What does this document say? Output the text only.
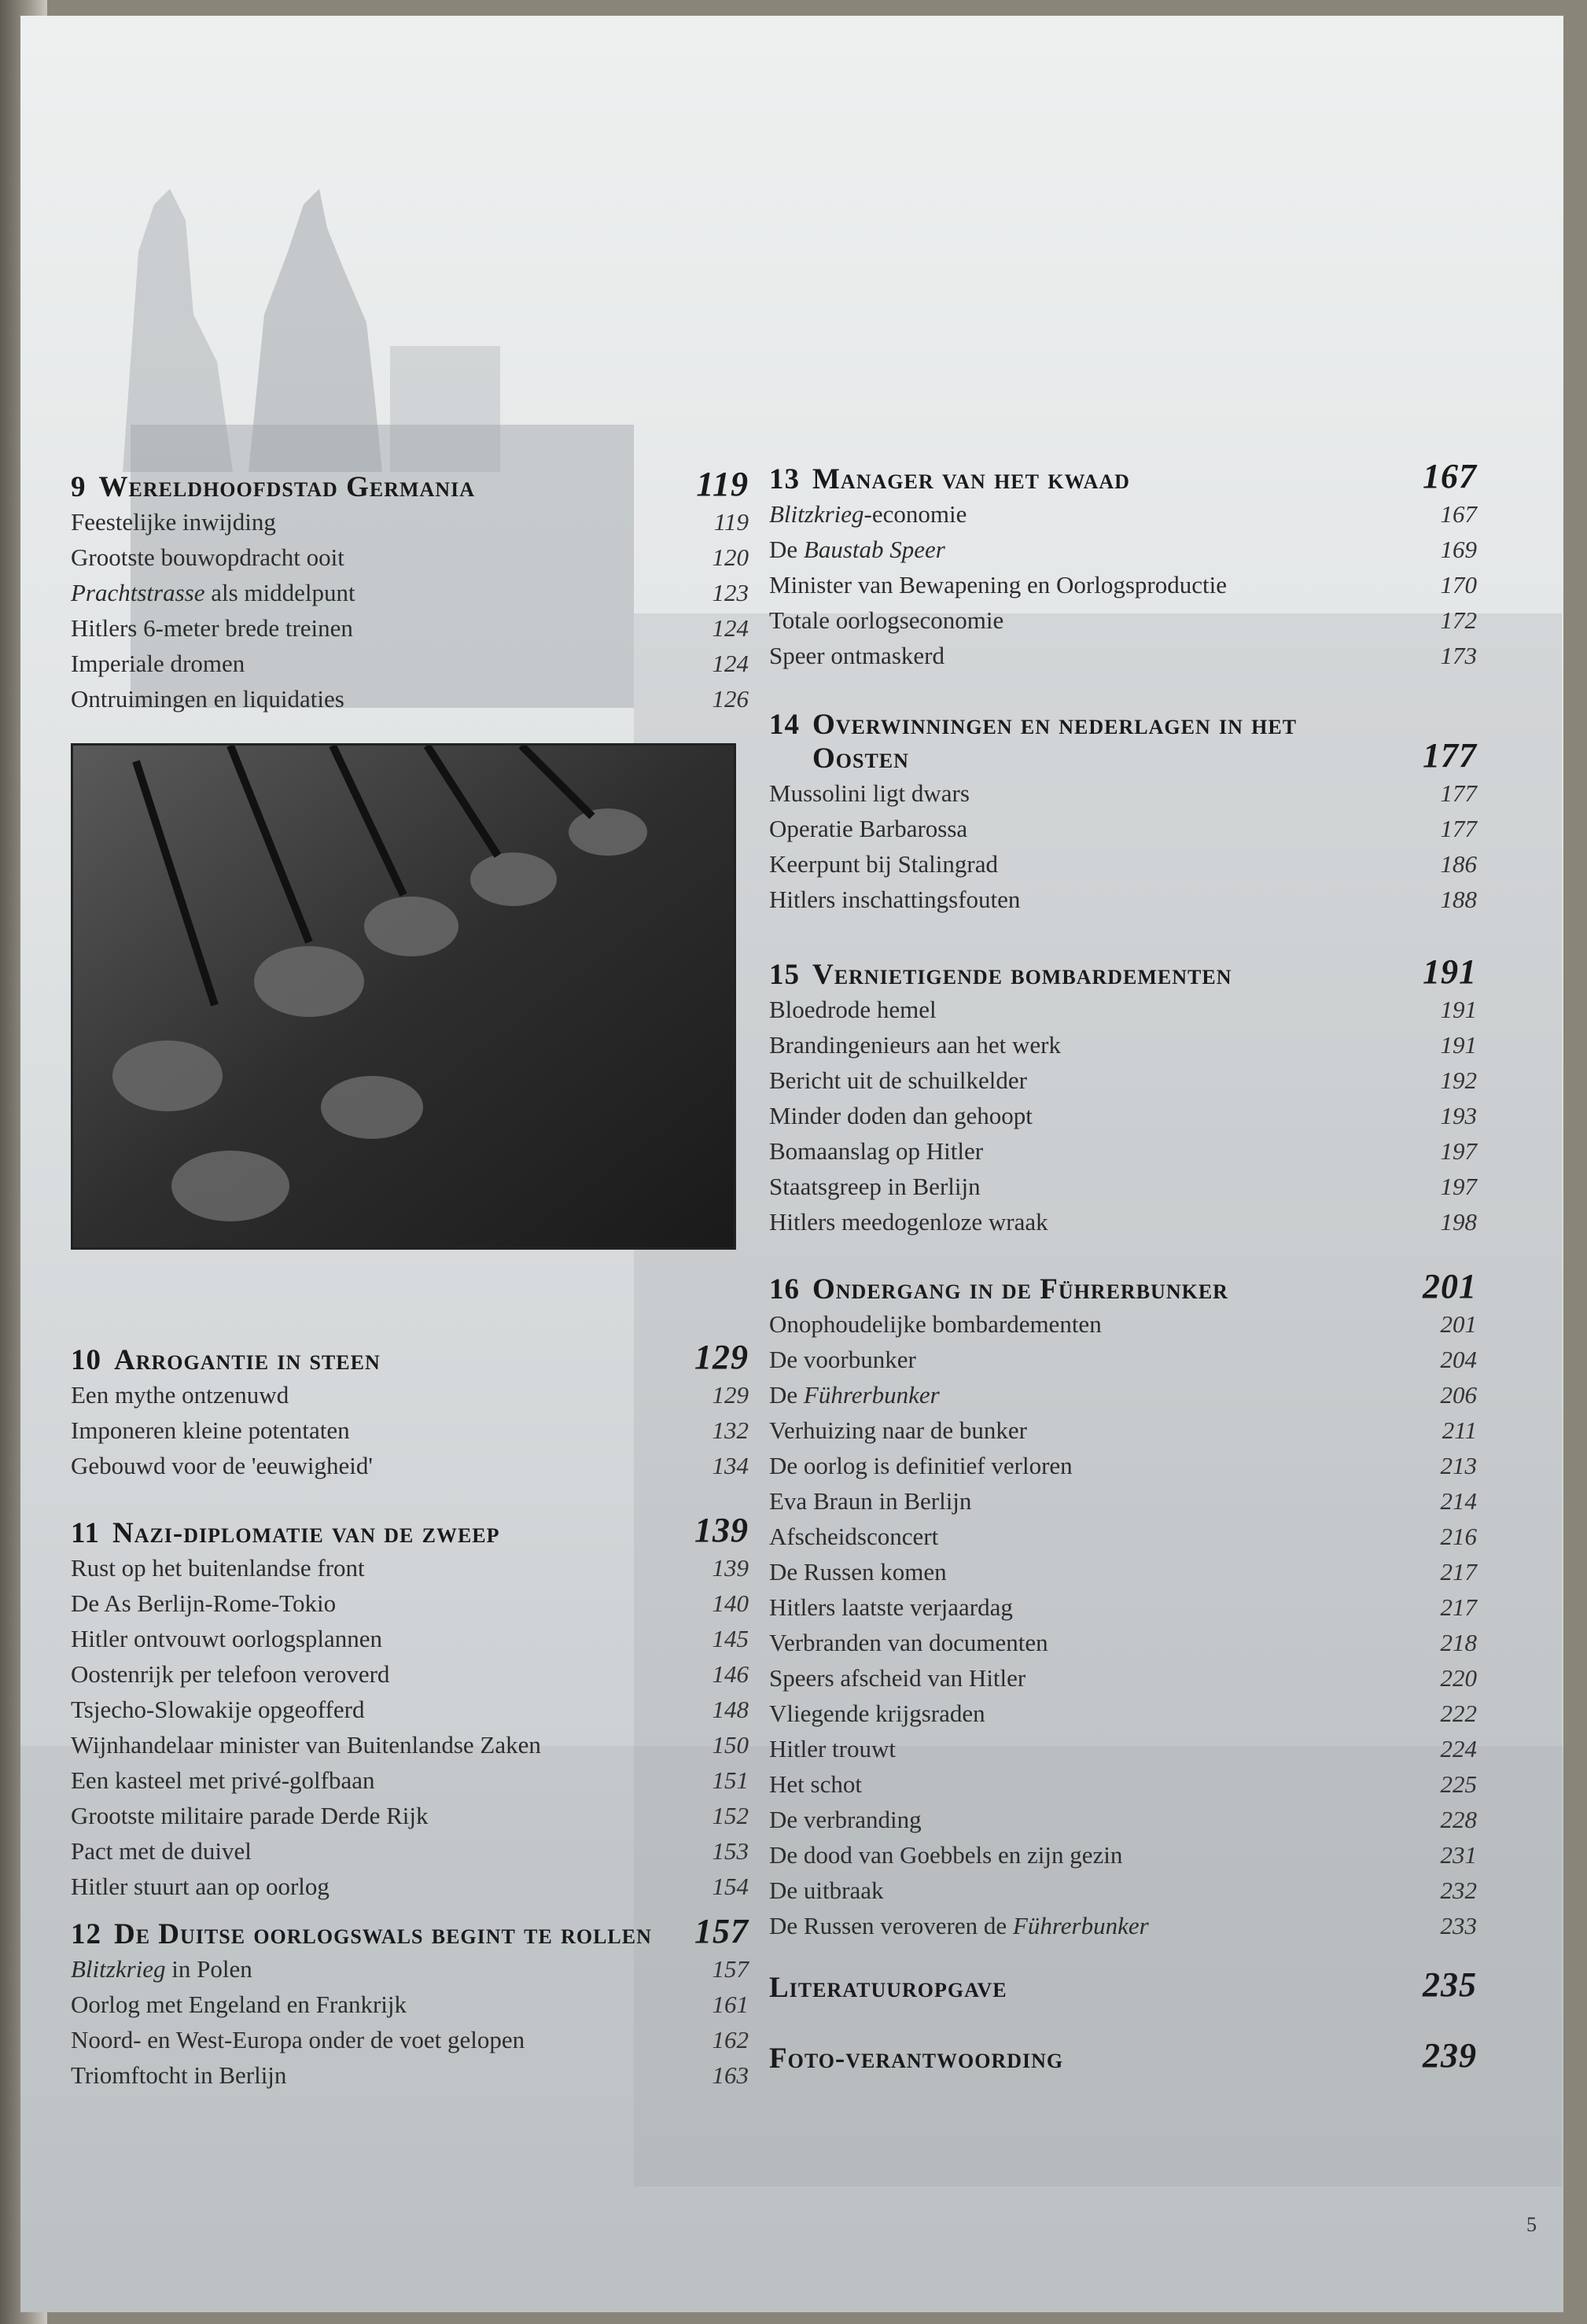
9 Wereldhoofdstad Germania	119
Feestelijke inwijding	119
Grootste bouwopdracht ooit	120
Prachtstrasse als middelpunt	123
Hitlers 6-meter brede treinen	124
Imperiale dromen	124
Ontruimingen en liquidaties	126
10 Arrogantie in steen	129
Een mythe ontzenuwd	129
Imponeren kleine potentaten	132
Gebouwd voor de 'eeuwigheid'	134
11 Nazi-diplomatie van de zweep	139
Rust op het buitenlandse front	139
De As Berlijn-Rome-Tokio	140
Hitler ontvouwt oorlogsplannen	145
Oostenrijk per telefoon veroverd	146
Tsjecho-Slowakije opgeofferd	148
Wijnhandelaar minister van Buitenlandse Zaken	150
Een kasteel met privé-golfbaan	151
Grootste militaire parade Derde Rijk	152
Pact met de duivel	153
Hitler stuurt aan op oorlog	154
12 De Duitse oorlogswals begint te rollen 157
Blitzkrieg in Polen	157
Oorlog met Engeland en Frankrijk	161
Noord- en West-Europa onder de voet gelopen	162
Triomftocht in Berlijn	163
13 Manager van het kwaad	167
Blitzkrieg-economie	167
De Baustab Speer	169
Minister van Bewapening en Oorlogsproductie	170
Totale oorlogseconomie	172
Speer ontmaskerd	173
14 Overwinningen en nederlagen in het Oosten	177
Mussolini ligt dwars	177
Operatie Barbarossa	177
Keerpunt bij Stalingrad	186
Hitlers inschattingsfouten	188
15 Vernietigende bombardementen	191
Bloedrode hemel	191
Brandingenieurs aan het werk	191
Bericht uit de schuilkelder	192
Minder doden dan gehoopt	193
Bomaanslag op Hitler	197
Staatsgreep in Berlijn	197
Hitlers meedogenloze wraak	198
16 Ondergang in de Führerbunker	201
Onophoudelijke bombardementen	201
De voorbunker	204
De Führerbunker	206
Verhuizing naar de bunker	211
De oorlog is definitief verloren	213
Eva Braun in Berlijn	214
Afscheidsconcert	216
De Russen komen	217
Hitlers laatste verjaardag	217
Verbranden van documenten	218
Speers afscheid van Hitler	220
Vliegende krijgsraden	222
Hitler trouwt	224
Het schot	225
De verbranding	228
De dood van Goebbels en zijn gezin	231
De uitbraak	232
De Russen veroveren de Führerbunker	233
Literatuuropgave	235
Foto-verantwoording	239
5
